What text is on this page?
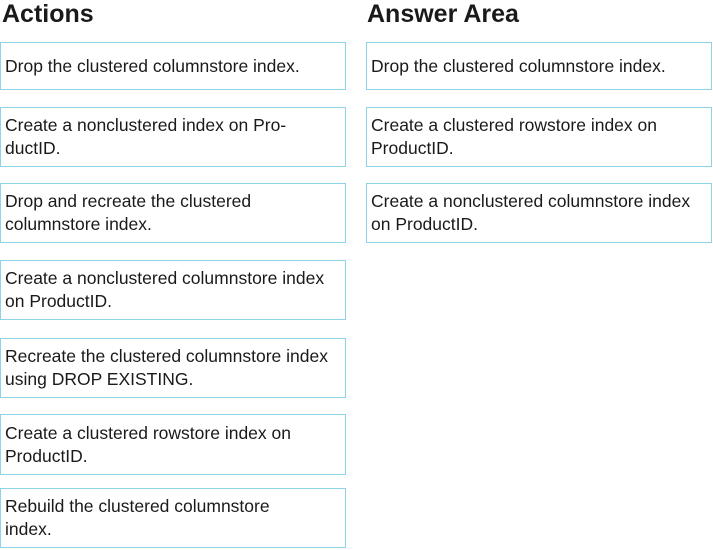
Actions	Answer Area
Drop the clustered columnstore index.
Create a nonclustered index on Pro-
ductID.
Drop and recreate the clustered columnstore index.
Create a nonclustered columnstore index on ProductID.
Recreate the clustered columnstore index using DROP EXISTING.
Create a clustered rowstore index on ProductID.
Rebuild the clustered columnstore index.
Drop the clustered columnstore index.
Create a clustered rowstore index on ProductID.
Create a nonclustered columnstore index on ProductID.
